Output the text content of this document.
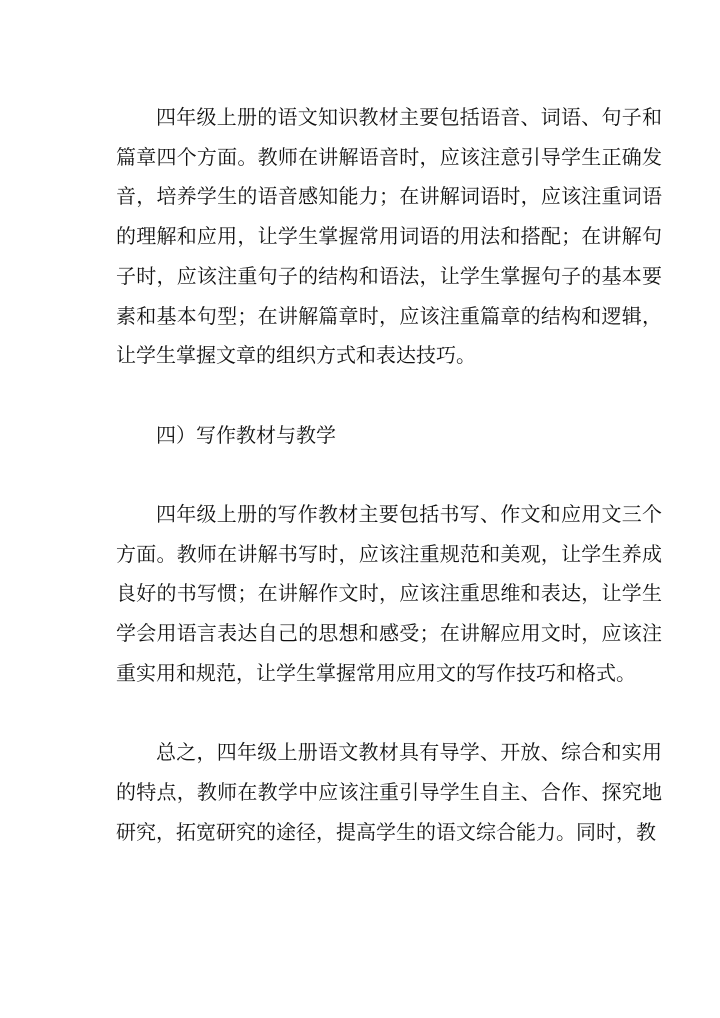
四年级上册的语文知识教材主要包括语音、词语、句子和篇章四个方面。教师在讲解语音时，应该注意引导学生正确发音，培养学生的语音感知能力；在讲解词语时，应该注重词语的理解和应用，让学生掌握常用词语的用法和搭配；在讲解句子时，应该注重句子的结构和语法，让学生掌握句子的基本要素和基本句型；在讲解篇章时，应该注重篇章的结构和逻辑，让学生掌握文章的组织方式和表达技巧。

四）写作教材与教学

四年级上册的写作教材主要包括书写、作文和应用文三个方面。教师在讲解书写时，应该注重规范和美观，让学生养成良好的书写惯；在讲解作文时，应该注重思维和表达，让学生学会用语言表达自己的思想和感受；在讲解应用文时，应该注重实用和规范，让学生掌握常用应用文的写作技巧和格式。

总之，四年级上册语文教材具有导学、开放、综合和实用的特点，教师在教学中应该注重引导学生自主、合作、探究地研究，拓宽研究的途径，提高学生的语文综合能力。同时，教
